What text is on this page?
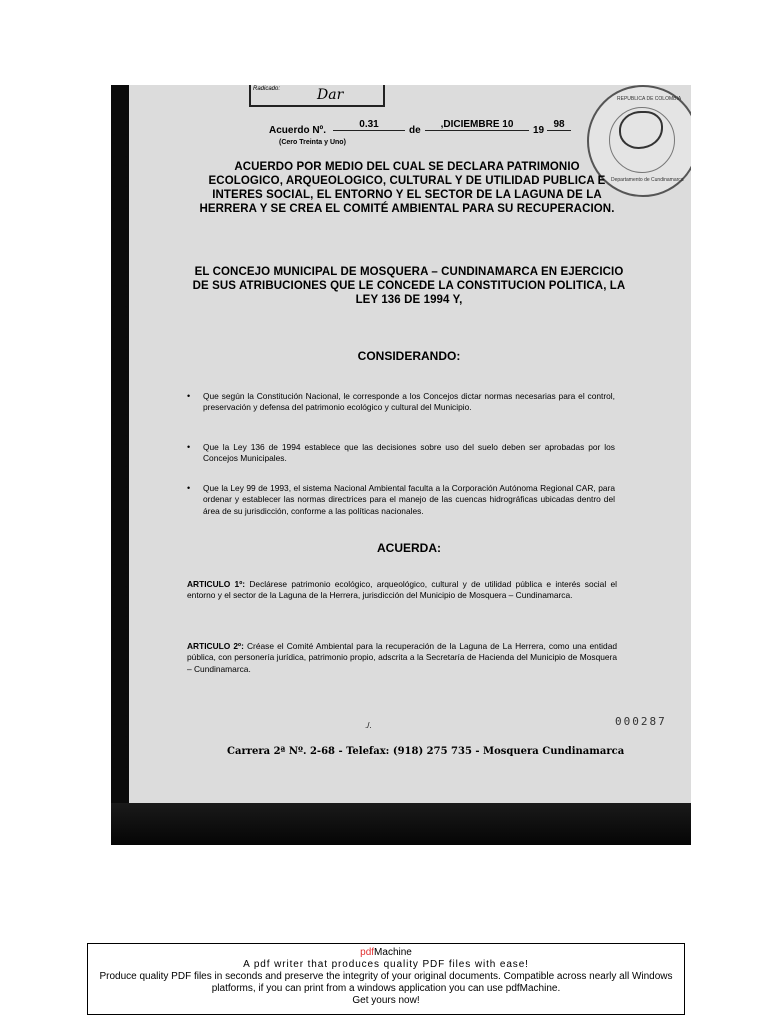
Radicado:	Dar
Acuerdo Nº.
0.31
de
,DICIEMBRE 10
19
98
(Cero Treinta y Uno)
REPUBLICA DE COLOMBIA
Departamento de Cundinamarca
ACUERDO POR MEDIO DEL CUAL SE DECLARA PATRIMONIO ECOLOGICO, ARQUEOLOGICO, CULTURAL Y DE UTILIDAD PUBLICA E INTERES SOCIAL, EL ENTORNO Y EL SECTOR DE LA LAGUNA DE LA HERRERA Y SE CREA EL COMITÉ AMBIENTAL PARA SU RECUPERACION.
EL CONCEJO MUNICIPAL DE MOSQUERA – CUNDINAMARCA EN EJERCICIO DE SUS ATRIBUCIONES QUE LE CONCEDE LA CONSTITUCION POLITICA, LA LEY 136 DE 1994 Y,
CONSIDERANDO:
• Que según la Constitución Nacional, le corresponde a los Concejos dictar normas necesarias para el control, preservación y defensa del patrimonio ecológico y cultural del Municipio.
• Que la Ley 136 de 1994 establece que las decisiones sobre uso del suelo deben ser aprobadas por los Concejos Municipales.
• Que la Ley 99 de 1993, el sistema Nacional Ambiental faculta a la Corporación Autónoma Regional CAR, para ordenar y establecer las normas directrices para el manejo de las cuencas hidrográficas ubicadas dentro del área de su jurisdicción, conforme a las políticas nacionales.
ACUERDA:
ARTICULO 1º: Declárese patrimonio ecológico, arqueológico, cultural y de utilidad pública e interés social el entorno y el sector de la Laguna de la Herrera, jurisdicción del Municipio de Mosquera – Cundinamarca.
ARTICULO 2º: Créase el Comité Ambiental para la recuperación de la Laguna de La Herrera, como una entidad pública, con personería jurídica, patrimonio propio, adscrita a la Secretaría de Hacienda del Municipio de Mosquera – Cundinamarca.
./.	000287
Carrera 2ª Nº. 2-68 - Telefax: (918) 275 735 - Mosquera Cundinamarca
pdfMachine
A pdf writer that produces quality PDF files with ease!
Produce quality PDF files in seconds and preserve the integrity of your original documents. Compatible across nearly all Windows platforms, if you can print from a windows application you can use pdfMachine.
Get yours now!
